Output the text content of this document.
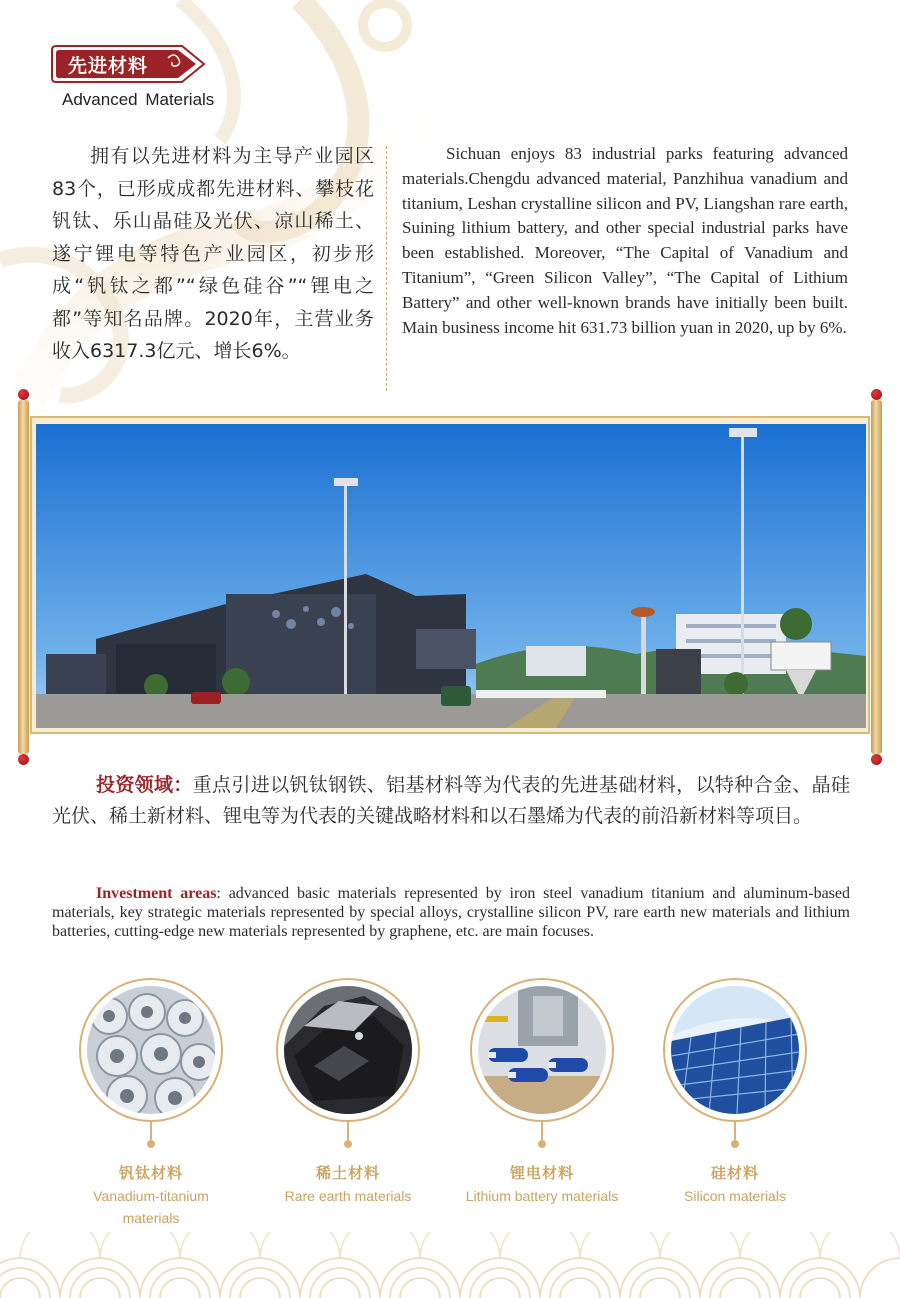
先进材料
Advanced Materials
拥有以先进材料为主导产业园区83个，已形成成都先进材料、攀枝花钒钛、乐山晶硅及光伏、凉山稀土、遂宁锂电等特色产业园区，初步形成“钒钛之都”“绿色硅谷”“锂电之都”等知名品牌。2020年，主营业务收入6317.3亿元、增长6%。
Sichuan enjoys 83 industrial parks featuring advanced materials.Chengdu advanced material, Panzhihua vanadium and titanium, Leshan crystalline silicon and PV, Liangshan rare earth, Suining lithium battery, and other special industrial parks have been established. Moreover, “The Capital of Vanadium and Titanium”, “Green Silicon Valley”, “The Capital of Lithium Battery” and other well-known brands have initially been built. Main business income hit 631.73 billion yuan in 2020, up by 6%.
投资领域：重点引进以钒钛钢铁、铝基材料等为代表的先进基础材料，以特种合金、晶硅光伏、稀土新材料、锂电等为代表的关键战略材料和以石墨烯为代表的前沿新材料等项目。
Investment areas: advanced basic materials represented by iron steel vanadium titanium and aluminum-based materials, key strategic materials represented by special alloys, crystalline silicon PV, rare earth new materials and lithium batteries, cutting-edge new materials represented by graphene, etc. are main focuses.
钒钛材料
Vanadium-titanium materials
稀土材料
Rare earth materials
锂电材料
Lithium battery materials
硅材料
Silicon materials
